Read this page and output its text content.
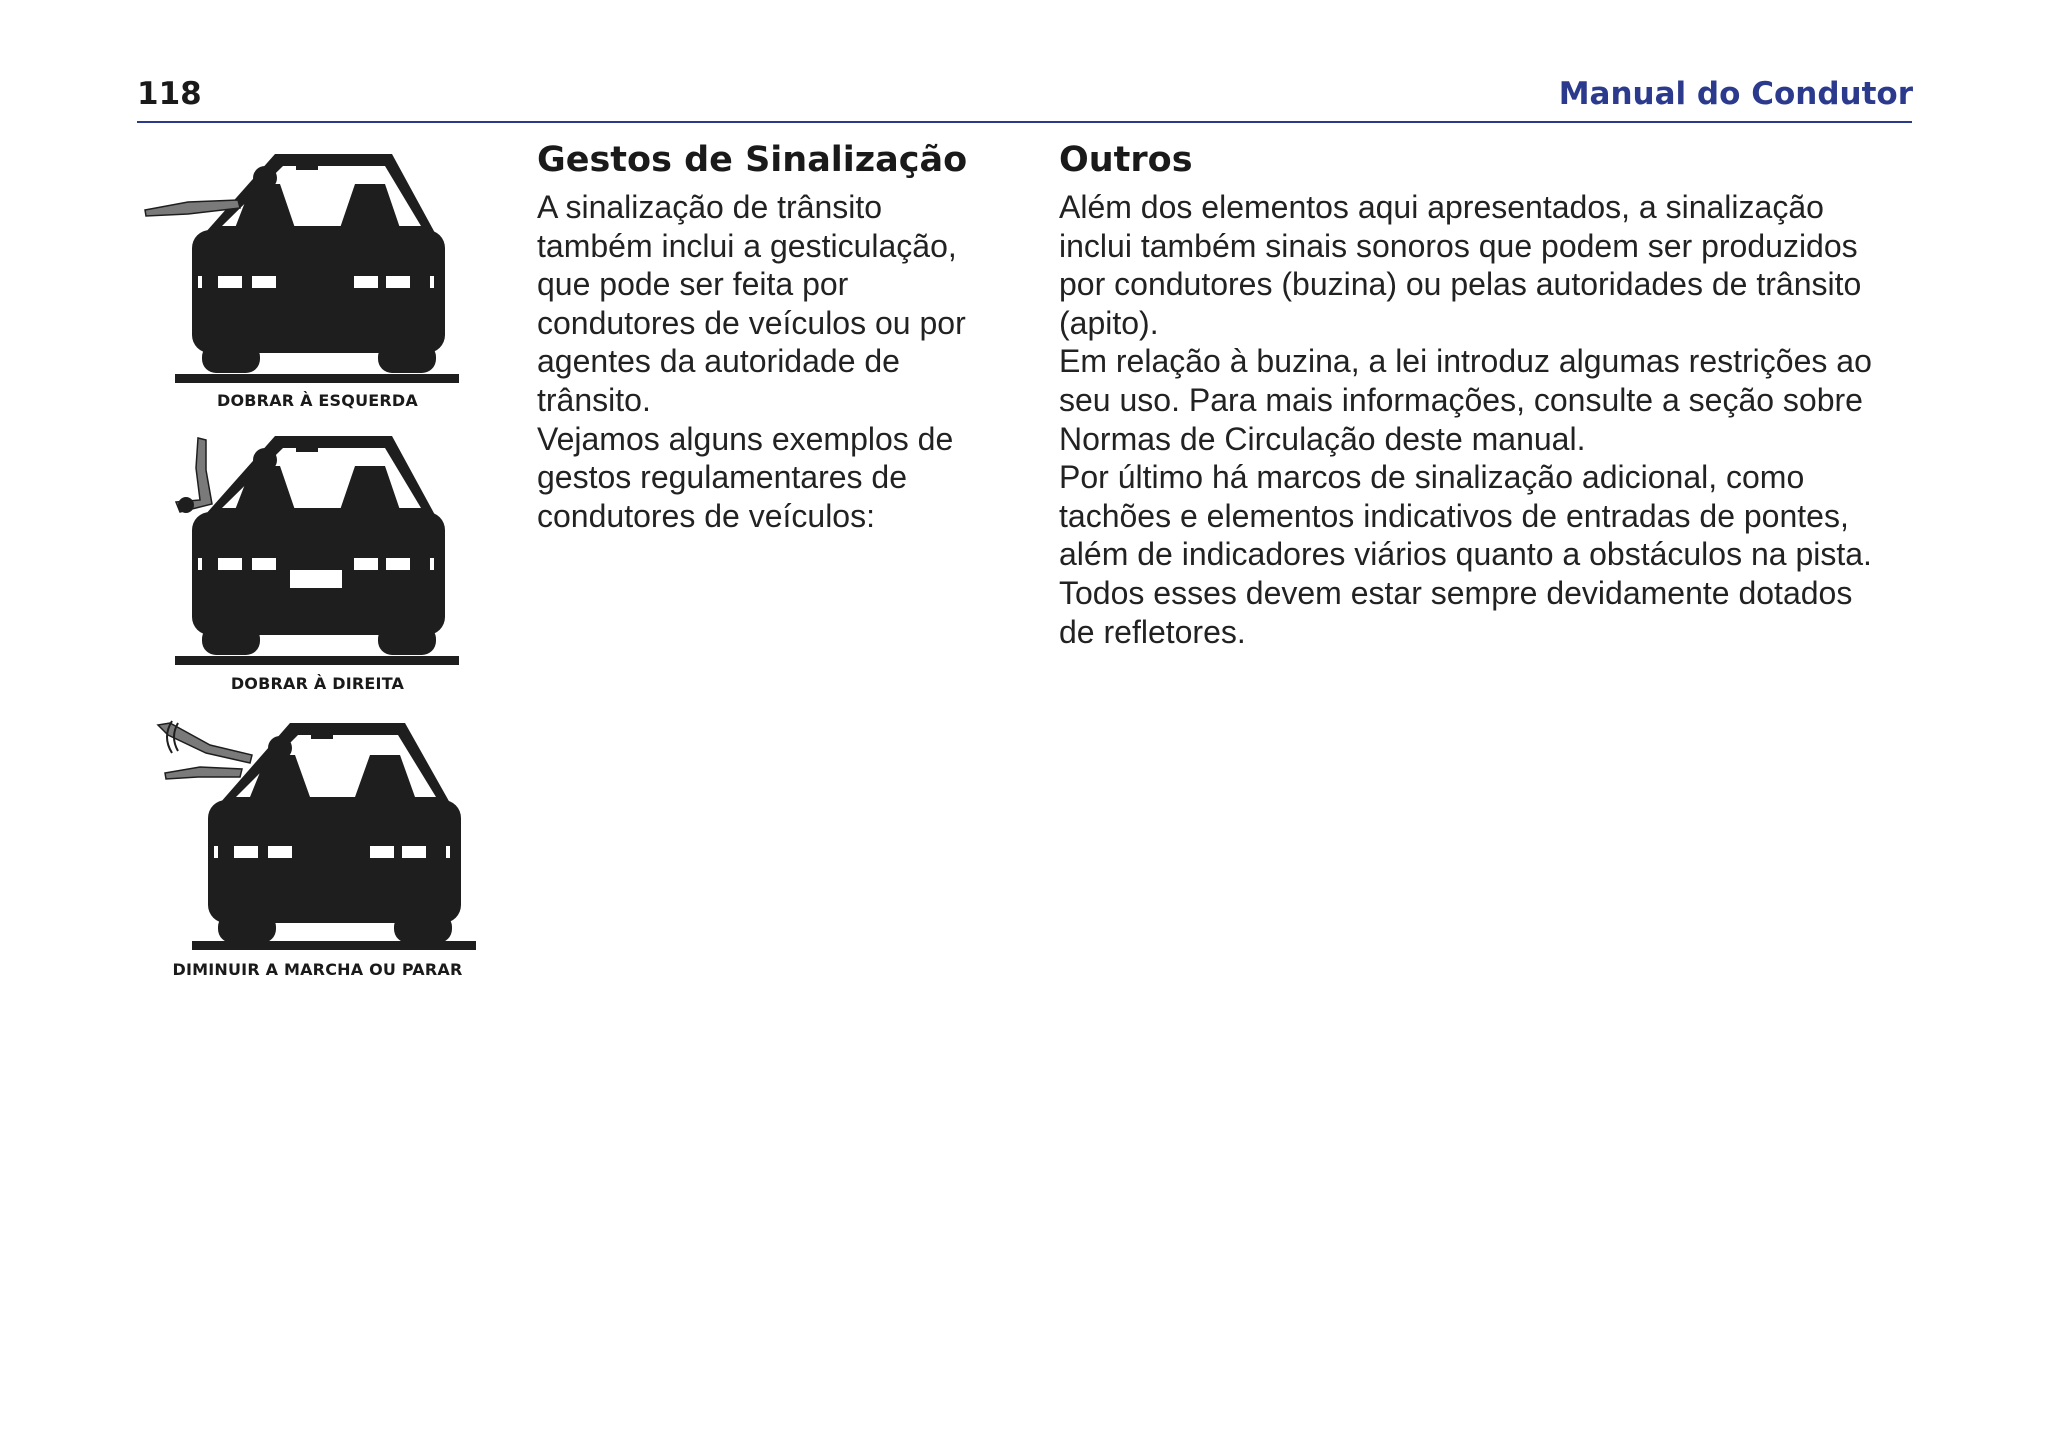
118	Manual do Condutor
DOBRAR À ESQUERDA
DOBRAR À DIREITA
DIMINUIR A MARCHA OU PARAR
Gestos de Sinalização

A sinalização de trânsito
também inclui a gesticulação,
que pode ser feita por
condutores de veículos ou por
agentes da autoridade de
trânsito.

Vejamos alguns exemplos de
gestos regulamentares de
condutores de veículos:

Outros

Além dos elementos aqui apresentados, a sinalização
inclui também sinais sonoros que podem ser produzidos
por condutores (buzina) ou pelas autoridades de trânsito
(apito).

Em relação à buzina, a lei introduz algumas restrições ao
seu uso. Para mais informações, consulte a seção sobre
Normas de Circulação deste manual.

Por último há marcos de sinalização adicional, como
tachões e elementos indicativos de entradas de pontes,
além de indicadores viários quanto a obstáculos na pista.
Todos esses devem estar sempre devidamente dotados
de refletores.
